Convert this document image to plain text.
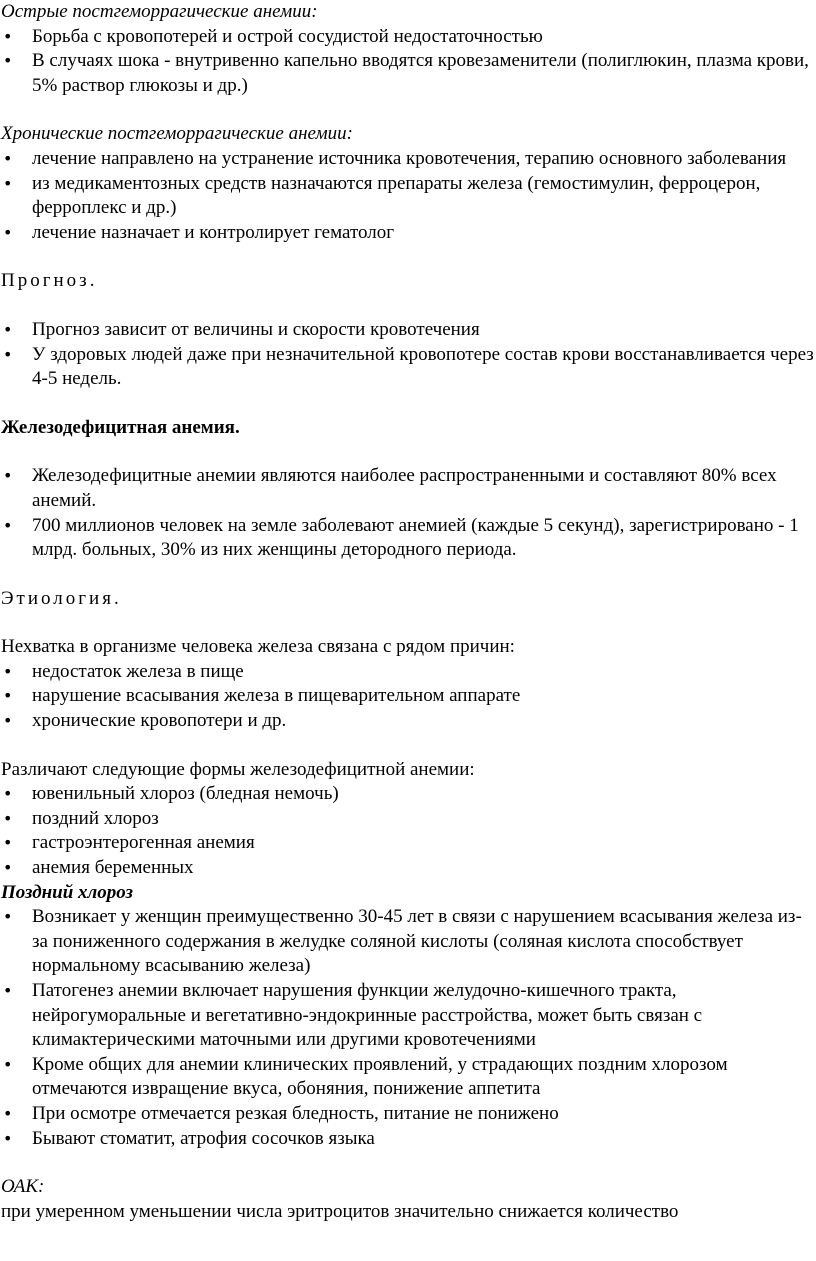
Острые постгеморрагические анемии:

• Борьба с кровопотерей и острой сосудистой недостаточностью
• В случаях шока - внутривенно капельно вводятся кровезаменители (полиглюкин, плазма крови, 5% раствор глюкозы и др.)

Хронические постгеморрагические анемии:

• лечение направлено на устранение источника кровотечения, терапию основного заболевания
• из медикаментозных средств назначаются препараты железа (гемостимулин, ферроцерон, ферроплекс и др.)
• лечение назначает и контролирует гематолог

Прогноз.

• Прогноз зависит от величины и скорости кровотечения
• У здоровых людей даже при незначительной кровопотере состав крови восстанавливается через 4-5 недель.

Железодефицитная анемия.

• Железодефицитные анемии являются наиболее распространенными и составляют 80% всех анемий.
• 700 миллионов человек на земле заболевают анемией (каждые 5 секунд), зарегистрировано - 1 млрд. больных, 30% из них женщины детородного периода.

Этиология.

Нехватка в организме человека железа связана с рядом причин:

• недостаток железа в пище
• нарушение всасывания железа в пищеварительном аппарате
• хронические кровопотери и др.

Различают следующие формы железодефицитной анемии:

• ювенильный хлороз (бледная немочь)
• поздний хлороз
• гастроэнтерогенная анемия
• анемия беременных

Поздний хлороз

• Возникает у женщин преимущественно 30-45 лет в связи с нарушением всасывания железа из-за пониженного содержания в желудке соляной кислоты (соляная кислота способствует нормальному всасыванию железа)
• Патогенез анемии включает нарушения функции желудочно-кишечного тракта, нейрогуморальные и вегетативно-эндокринные расстройства, может быть связан с климактерическими маточными или другими кровотечениями
• Кроме общих для анемии клинических проявлений, у страдающих поздним хлорозом отмечаются извращение вкуса, обоняния, понижение аппетита
• При осмотре отмечается резкая бледность, питание не понижено
• Бывают стоматит, атрофия сосочков языка

ОАК:

при умеренном уменьшении числа эритроцитов значительно снижается количество
